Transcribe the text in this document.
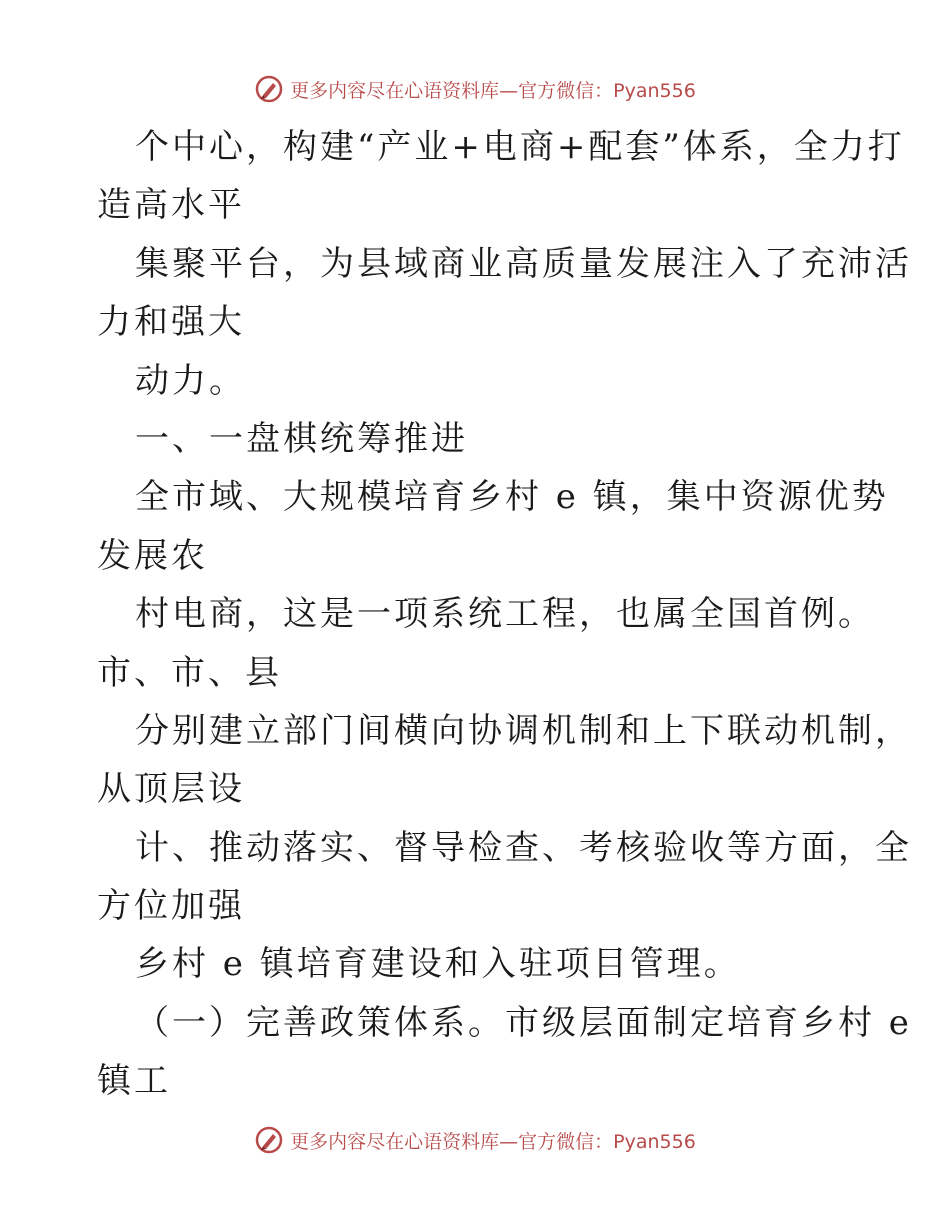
更多内容尽在心语资料库—官方微信：Pyan556
个中心，构建“产业+电商+配套”体系，全力打
造高水平
集聚平台，为县域商业高质量发展注入了充沛活
力和强大
动力。
一、一盘棋统筹推进
全市域、大规模培育乡村 e 镇，集中资源优势
发展农
村电商，这是一项系统工程，也属全国首例。
市、市、县
分别建立部门间横向协调机制和上下联动机制，
从顶层设
计、推动落实、督导检查、考核验收等方面，全
方位加强
乡村 e 镇培育建设和入驻项目管理。
（一）完善政策体系。市级层面制定培育乡村 e
镇工
更多内容尽在心语资料库—官方微信：Pyan556
